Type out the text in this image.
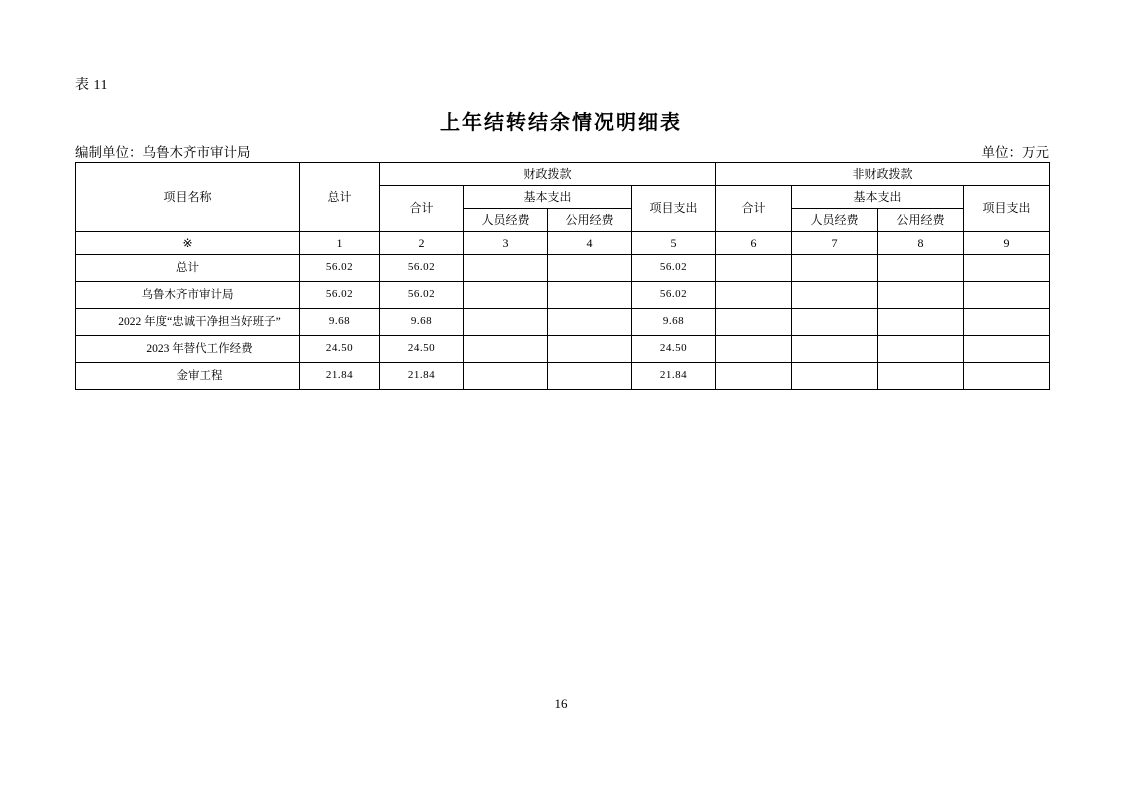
表 11
上年结转结余情况明细表
编制单位：乌鲁木齐市审计局	单位：万元
项目名称	总计	财政拨款				非财政拨款			
		合计	基本支出		项目支出	合计	基本支出		项目支出
			人员经费	公用经费			人员经费	公用经费	
※	1	2	3	4	5	6	7	8	9
总计	56.02	56.02			56.02				
乌鲁木齐市审计局	56.02	56.02			56.02				
2022 年度“忠诚干净担当好班子”	9.68	9.68			9.68				
2023 年替代工作经费	24.50	24.50			24.50				
金审工程	21.84	21.84			21.84				
16
